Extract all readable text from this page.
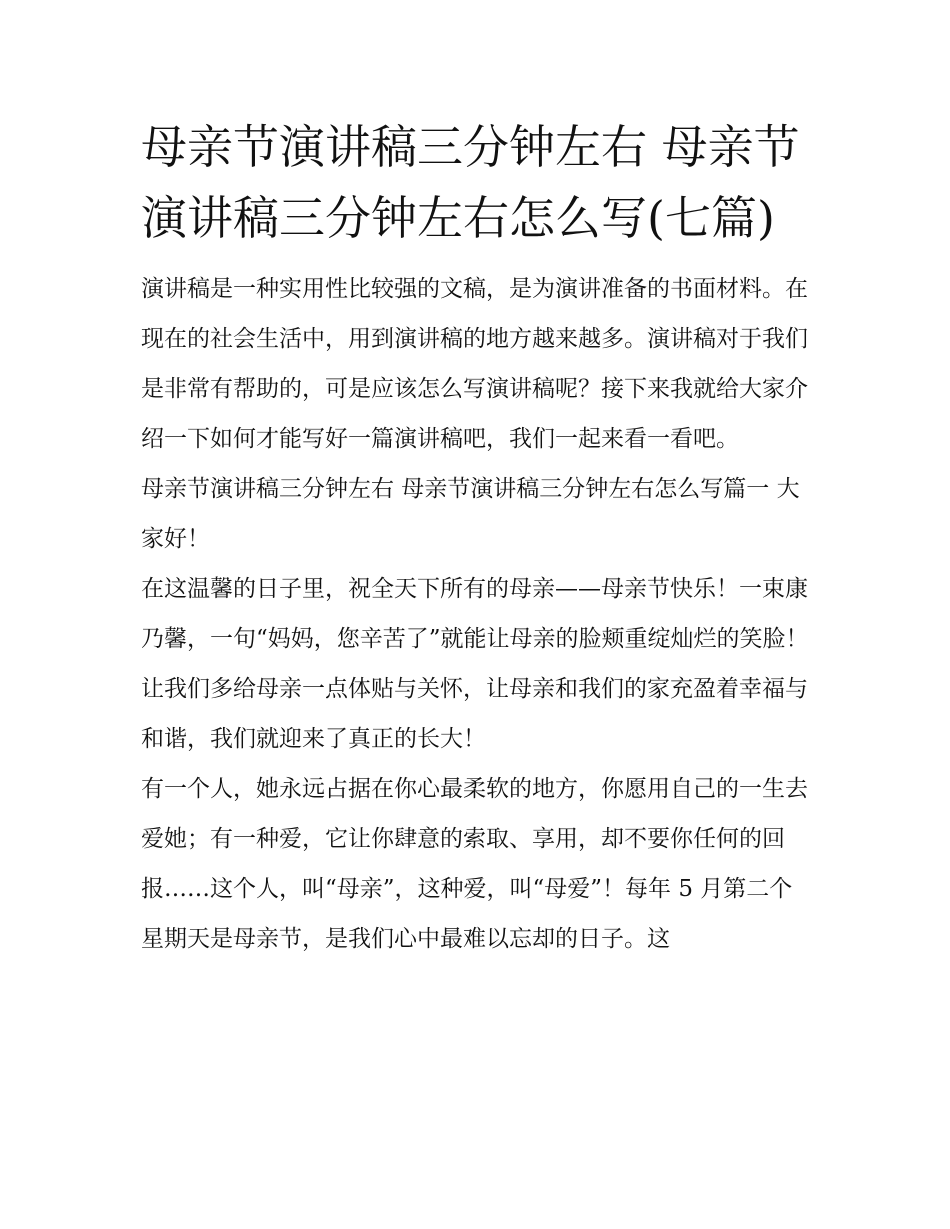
母亲节演讲稿三分钟左右 母亲节演讲稿三分钟左右怎么写(七篇)

演讲稿是一种实用性比较强的文稿，是为演讲准备的书面材料。在现在的社会生活中，用到演讲稿的地方越来越多。演讲稿对于我们是非常有帮助的，可是应该怎么写演讲稿呢？接下来我就给大家介绍一下如何才能写好一篇演讲稿吧，我们一起来看一看吧。

母亲节演讲稿三分钟左右 母亲节演讲稿三分钟左右怎么写篇一 大家好！

在这温馨的日子里，祝全天下所有的母亲——母亲节快乐！一束康乃馨，一句“妈妈，您辛苦了”就能让母亲的脸颊重绽灿烂的笑脸！让我们多给母亲一点体贴与关怀，让母亲和我们的家充盈着幸福与和谐，我们就迎来了真正的长大！

有一个人，她永远占据在你心最柔软的地方，你愿用自己的一生去爱她；有一种爱，它让你肆意的索取、享用，却不要你任何的回报……这个人，叫“母亲”，这种爱，叫“母爱”！每年 5 月第二个星期天是母亲节，是我们心中最难以忘却的日子。这
